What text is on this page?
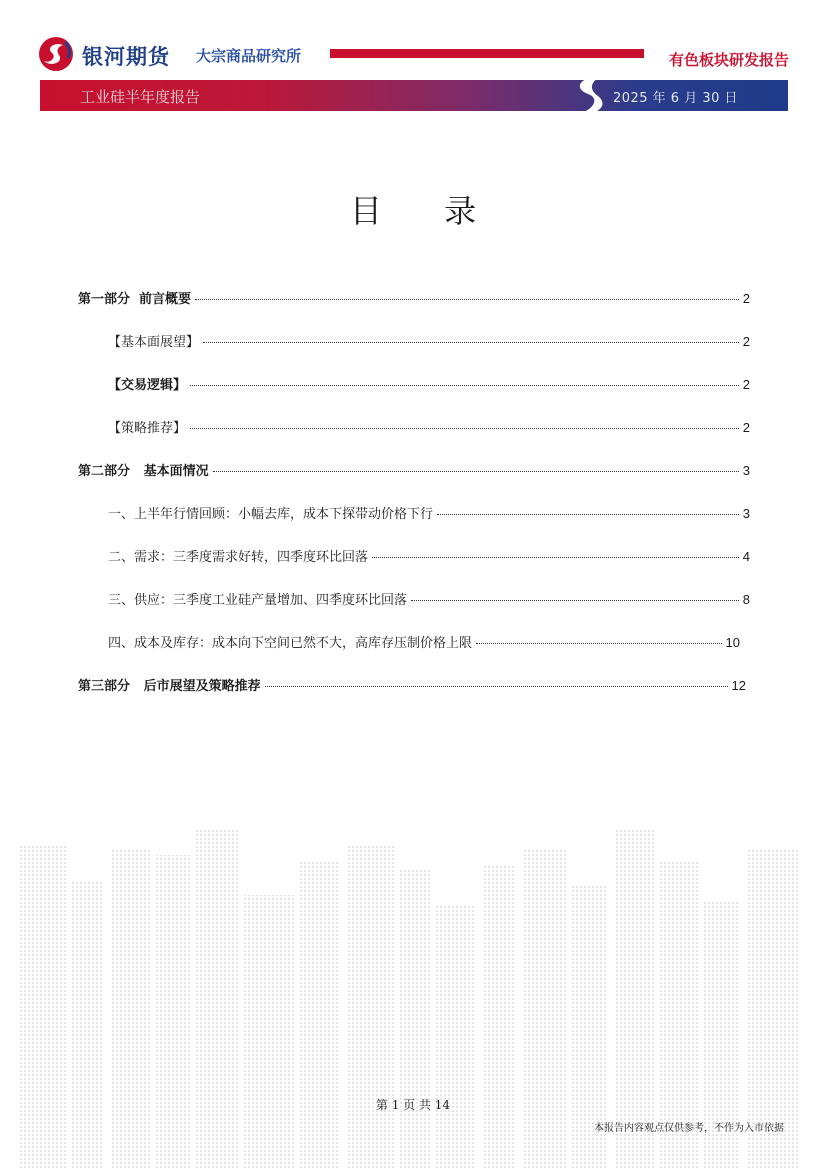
银河期货 大宗商品研究所	有色板块研发报告
工业硅半年度报告	2025 年 6 月 30 日
目 录
第一部分  前言概要	2
【基本面展望】	2
【交易逻辑】	2
【策略推荐】	2
第二部分   基本面情况	3
一、上半年行情回顾：小幅去库，成本下探带动价格下行	3
二、需求：三季度需求好转，四季度环比回落	4
三、供应：三季度工业硅产量增加、四季度环比回落	8
四、成本及库存：成本向下空间已然不大，高库存压制价格上限	10
第三部分   后市展望及策略推荐	12
第 1 页 共 14
本报告内容观点仅供参考，不作为入市依据
